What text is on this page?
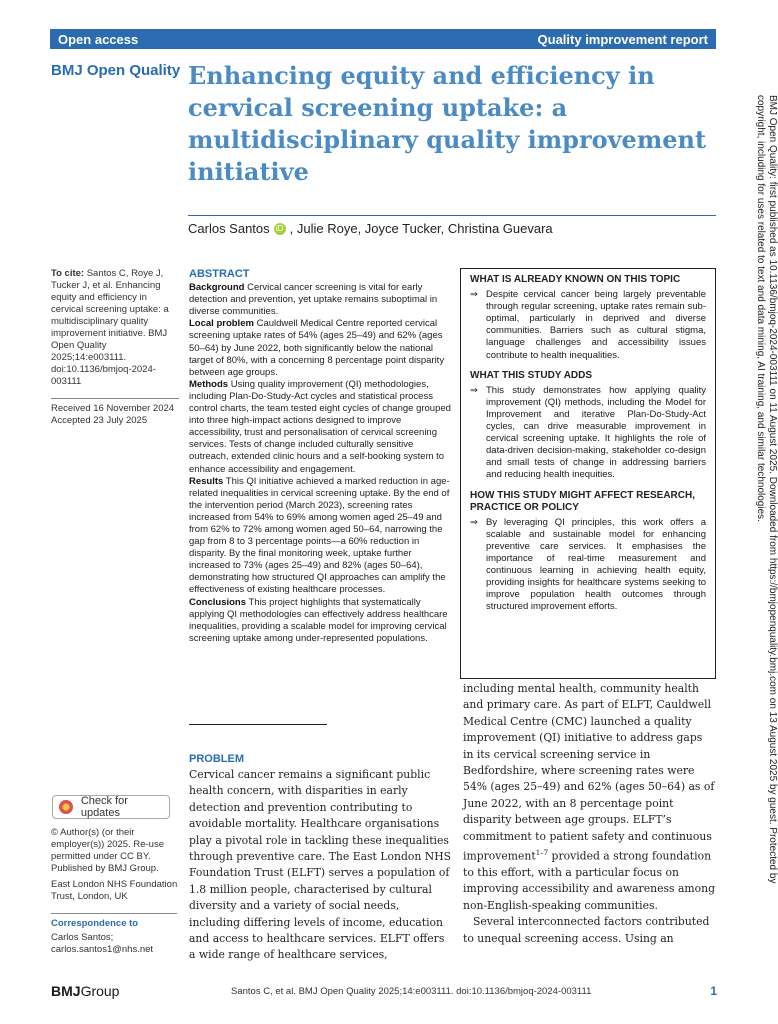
Open access	Quality improvement report
BMJ Open Quality Enhancing equity and efficiency in cervical screening uptake: a multidisciplinary quality improvement initiative
Carlos Santos iD , Julie Roye, Joyce Tucker, Christina Guevara
To cite: Santos C, Roye J, Tucker J, et al. Enhancing equity and efficiency in cervical screening uptake: a multidisciplinary quality improvement initiative. BMJ Open Quality 2025;14:e003111. doi:10.1136/bmjoq-2024-003111
Received 16 November 2024
Accepted 23 July 2025
Check for updates
© Author(s) (or their employer(s)) 2025. Re-use permitted under CC BY. Published by BMJ Group.
East London NHS Foundation Trust, London, UK
Correspondence to
Carlos Santos;
carlos.santos1@nhs.net
ABSTRACT

Background Cervical cancer screening is vital for early detection and prevention, yet uptake remains suboptimal in diverse communities.

Local problem Cauldwell Medical Centre reported cervical screening uptake rates of 54% (ages 25–49) and 62% (ages 50–64) by June 2022, both significantly below the national target of 80%, with a concerning 8 percentage point disparity between age groups.

Methods Using quality improvement (QI) methodologies, including Plan-Do-Study-Act cycles and statistical process control charts, the team tested eight cycles of change grouped into three high-impact actions designed to improve accessibility, trust and personalisation of cervical screening services. Tests of change included culturally sensitive outreach, extended clinic hours and a self-booking system to enhance accessibility and engagement.

Results This QI initiative achieved a marked reduction in age-related inequalities in cervical screening uptake. By the end of the intervention period (March 2023), screening rates increased from 54% to 69% among women aged 25–49 and from 62% to 72% among women aged 50–64, narrowing the gap from 8 to 3 percentage points—a 60% reduction in disparity. By the final monitoring week, uptake further increased to 73% (ages 25–49) and 82% (ages 50–64), demonstrating how structured QI approaches can amplify the effectiveness of existing healthcare processes.

Conclusions This project highlights that systematically applying QI methodologies can effectively address healthcare inequalities, providing a scalable model for improving cervical screening uptake among under-represented populations.

WHAT IS ALREADY KNOWN ON THIS TOPIC
⇒ Despite cervical cancer being largely preventable through regular screening, uptake rates remain sub-optimal, particularly in deprived and diverse communities. Barriers such as cultural stigma, language challenges and accessibility issues contribute to health inequalities.
WHAT THIS STUDY ADDS
⇒ This study demonstrates how applying quality improvement (QI) methods, including the Model for Improvement and iterative Plan-Do-Study-Act cycles, can drive measurable improvement in cervical screening uptake. It highlights the role of data-driven decision-making, stakeholder co-design and small tests of change in addressing barriers and reducing health inequities.
HOW THIS STUDY MIGHT AFFECT RESEARCH, PRACTICE OR POLICY
⇒ By leveraging QI principles, this work offers a scalable and sustainable model for enhancing preventive care services. It emphasises the importance of real-time measurement and continuous learning in achieving health equity, providing insights for healthcare systems seeking to improve population health outcomes through structured improvement efforts.
PROBLEM
Cervical cancer remains a significant public health concern, with disparities in early detection and prevention contributing to avoidable mortality. Healthcare organisations play a pivotal role in tackling these inequalities through preventive care. The East London NHS Foundation Trust (ELFT) serves a population of 1.8 million people, characterised by cultural diversity and a variety of social needs, including differing levels of income, education and access to healthcare services. ELFT offers a wide range of healthcare services,

including mental health, community health and primary care. As part of ELFT, Cauldwell Medical Centre (CMC) launched a quality improvement (QI) initiative to address gaps in its cervical screening service in Bedfordshire, where screening rates were 54% (ages 25–49) and 62% (ages 50–64) as of June 2022, with an 8 percentage point disparity between age groups. ELFT’s commitment to patient safety and continuous improvement$^{1-7}$ provided a strong foundation to this effort, with a particular focus on improving accessibility and awareness among non-English-speaking communities.

Several interconnected factors contributed to unequal screening access. Using an

BMJ Open Quality: first published as 10.1136/bmjoq-2024-003111 on 11 August 2025. Downloaded from https://bmjopenquality.bmj.com on 13 August 2025 by guest. Protected by copyright, including for uses related to text and data mining, AI training, and similar technologies.
BMJGroup	Santos C, et al. BMJ Open Quality 2025;14:e003111. doi:10.1136/bmjoq-2024-003111	1
